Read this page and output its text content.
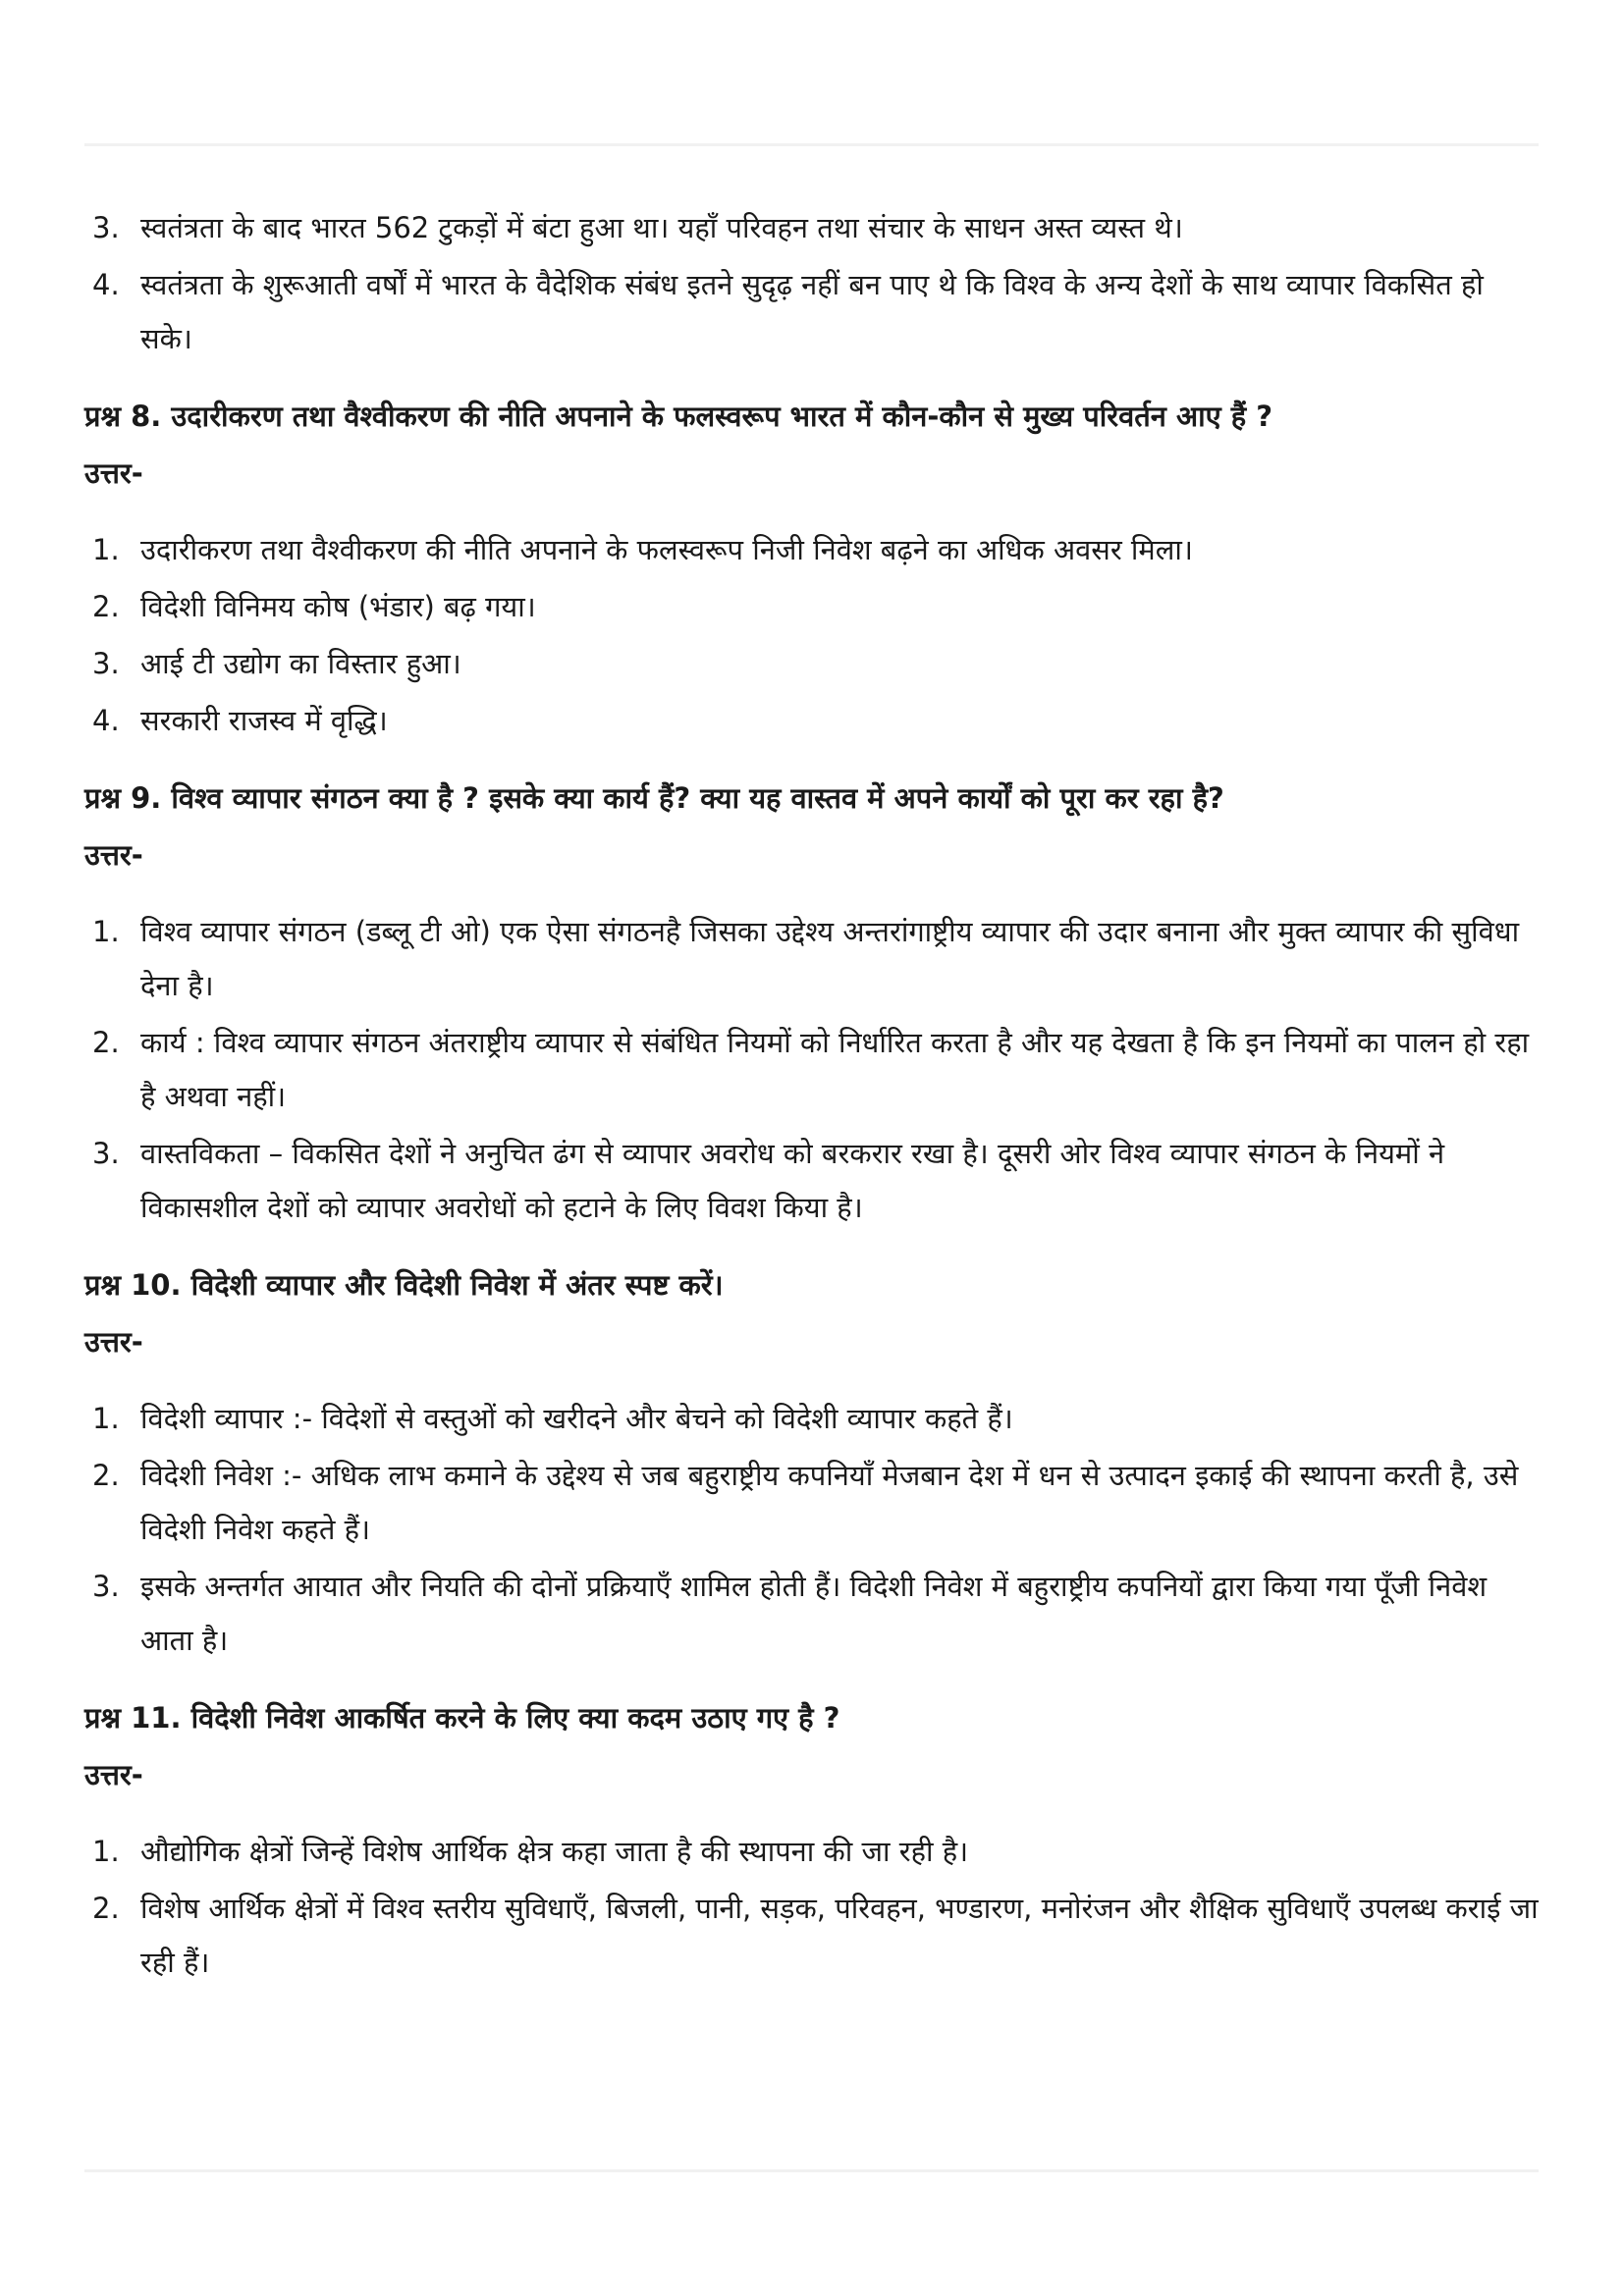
3. स्वतंत्रता के बाद भारत 562 टुकड़ों में बंटा हुआ था। यहाँ परिवहन तथा संचार के साधन अस्त व्यस्त थे।
4. स्वतंत्रता के शुरूआती वर्षों में भारत के वैदेशिक संबंध इतने सुदृढ़ नहीं बन पाए थे कि विश्व के अन्य देशों के साथ व्यापार विकसित हो सके।

प्रश्न 8. उदारीकरण तथा वैश्वीकरण की नीति अपनाने के फलस्वरूप भारत में कौन-कौन से मुख्य परिवर्तन आए हैं ?

उत्तर-

1. उदारीकरण तथा वैश्वीकरण की नीति अपनाने के फलस्वरूप निजी निवेश बढ़ने का अधिक अवसर मिला।
2. विदेशी विनिमय कोष (भंडार) बढ़ गया।
3. आई टी उद्योग का विस्तार हुआ।
4. सरकारी राजस्व में वृद्धि।

प्रश्न 9. विश्व व्यापार संगठन क्या है ? इसके क्या कार्य हैं? क्या यह वास्तव में अपने कार्यों को पूरा कर रहा है?

उत्तर-

1. विश्व व्यापार संगठन (डब्लू टी ओ) एक ऐसा संगठनहै जिसका उद्देश्य अन्तरांगाष्ट्रीय व्यापार की उदार बनाना और मुक्त व्यापार की सुविधा देना है।
2. कार्य : विश्व व्यापार संगठन अंतराष्ट्रीय व्यापार से संबंधित नियमों को निर्धारित करता है और यह देखता है कि इन नियमों का पालन हो रहा है अथवा नहीं।
3. वास्तविकता – विकसित देशों ने अनुचित ढंग से व्यापार अवरोध को बरकरार रखा है। दूसरी ओर विश्व व्यापार संगठन के नियमों ने विकासशील देशों को व्यापार अवरोधों को हटाने के लिए विवश किया है।

प्रश्न 10. विदेशी व्यापार और विदेशी निवेश में अंतर स्पष्ट करें।

उत्तर-

1. विदेशी व्यापार :- विदेशों से वस्तुओं को खरीदने और बेचने को विदेशी व्यापार कहते हैं।
2. विदेशी निवेश :- अधिक लाभ कमाने के उद्देश्य से जब बहुराष्ट्रीय कपनियाँ मेजबान देश में धन से उत्पादन इकाई की स्थापना करती है, उसे विदेशी निवेश कहते हैं।
3. इसके अन्तर्गत आयात और नियति की दोनों प्रक्रियाएँ शामिल होती हैं। विदेशी निवेश में बहुराष्ट्रीय कपनियों द्वारा किया गया पूँजी निवेश आता है।

प्रश्न 11. विदेशी निवेश आकर्षित करने के लिए क्या कदम उठाए गए है ?

उत्तर-

1. औद्योगिक क्षेत्रों जिन्हें विशेष आर्थिक क्षेत्र कहा जाता है की स्थापना की जा रही है।
2. विशेष आर्थिक क्षेत्रों में विश्व स्तरीय सुविधाएँ, बिजली, पानी, सड़क, परिवहन, भण्डारण, मनोरंजन और शैक्षिक सुविधाएँ उपलब्ध कराई जा रही हैं।
